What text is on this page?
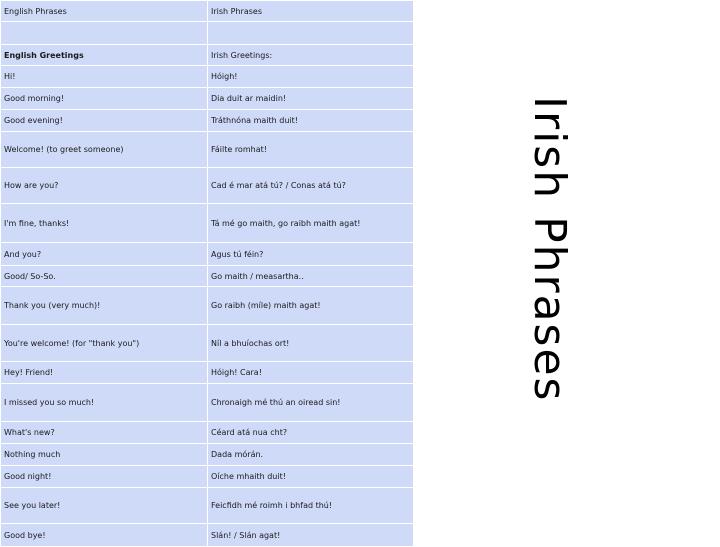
English Phrases	Irish Phrases

English Greetings	Irish Greetings:
Hi!	Hóigh!
Good morning!	Dia duit ar maidin!
Good evening!	Tráthnóna maith duit!
Welcome! (to greet someone)	Fáilte romhat!
How are you?	Cad é mar atá tú? / Conas atá tú?
I'm fine, thanks!	Tá mé go maith, go raibh maith agat!
And you?	Agus tú féin?
Good/ So-So.	Go maith / measartha..
Thank you (very much)!	Go raibh (míle) maith agat!
You're welcome! (for "thank you")	Níl a bhuíochas ort!
Hey! Friend!	Hóigh! Cara!
I missed you so much!	Chronaigh mé thú an oiread sin!
What's new?	Céard atá nua cht?
Nothing much	Dada mórán.
Good night!	Oíche mhaith duit!
See you later!	Feicfidh mé roimh i bhfad thú!
Good bye!	Slán! / Slán agat!
Irish Phrases
